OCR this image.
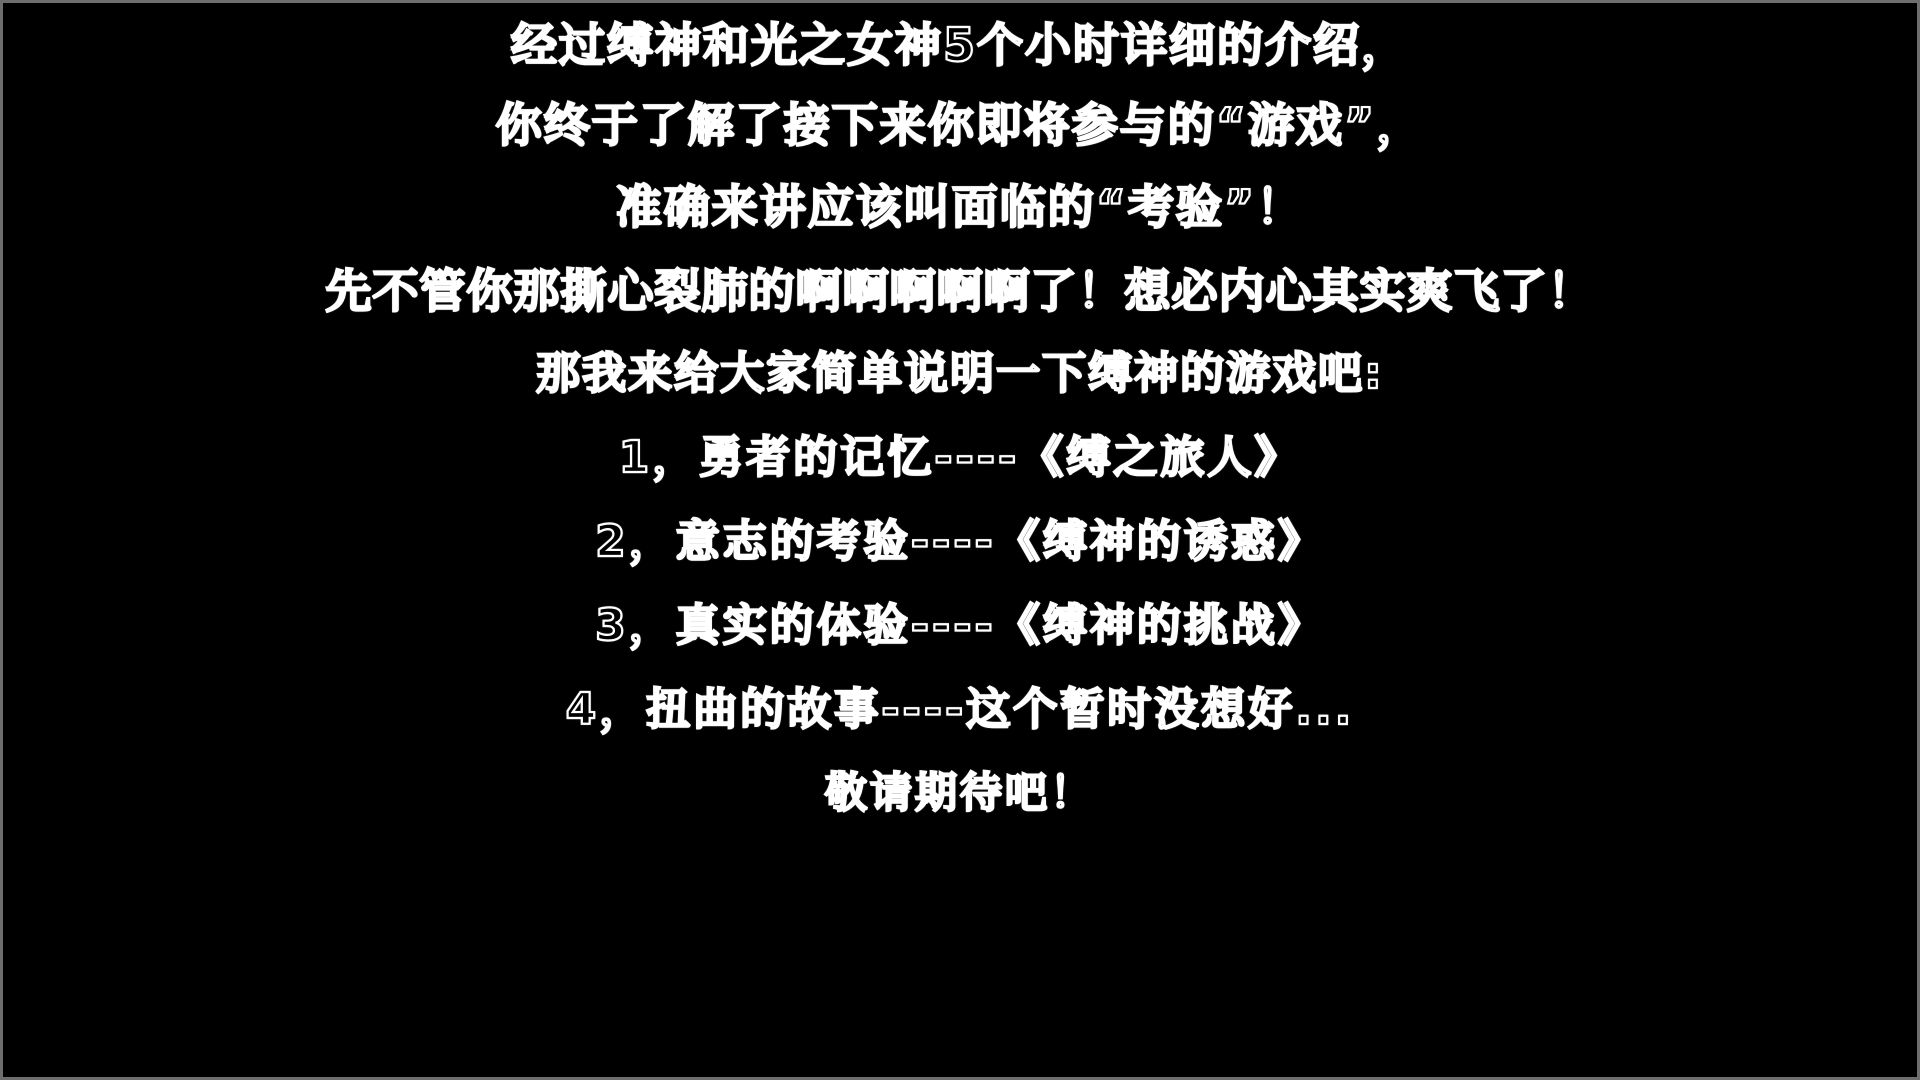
经过缚神和光之女神5个小时详细的介绍，
你终于了解了接下来你即将参与的“游戏”，
准确来讲应该叫面临的“考验”！
先不管你那撕心裂肺的啊啊啊啊啊了！想必内心其实爽飞了！
那我来给大家简单说明一下缚神的游戏吧:
1，勇者的记忆----《缚之旅人》
2，意志的考验----《缚神的诱惑》
3，真实的体验----《缚神的挑战》
4，扭曲的故事----这个暂时没想好...
敬请期待吧！
